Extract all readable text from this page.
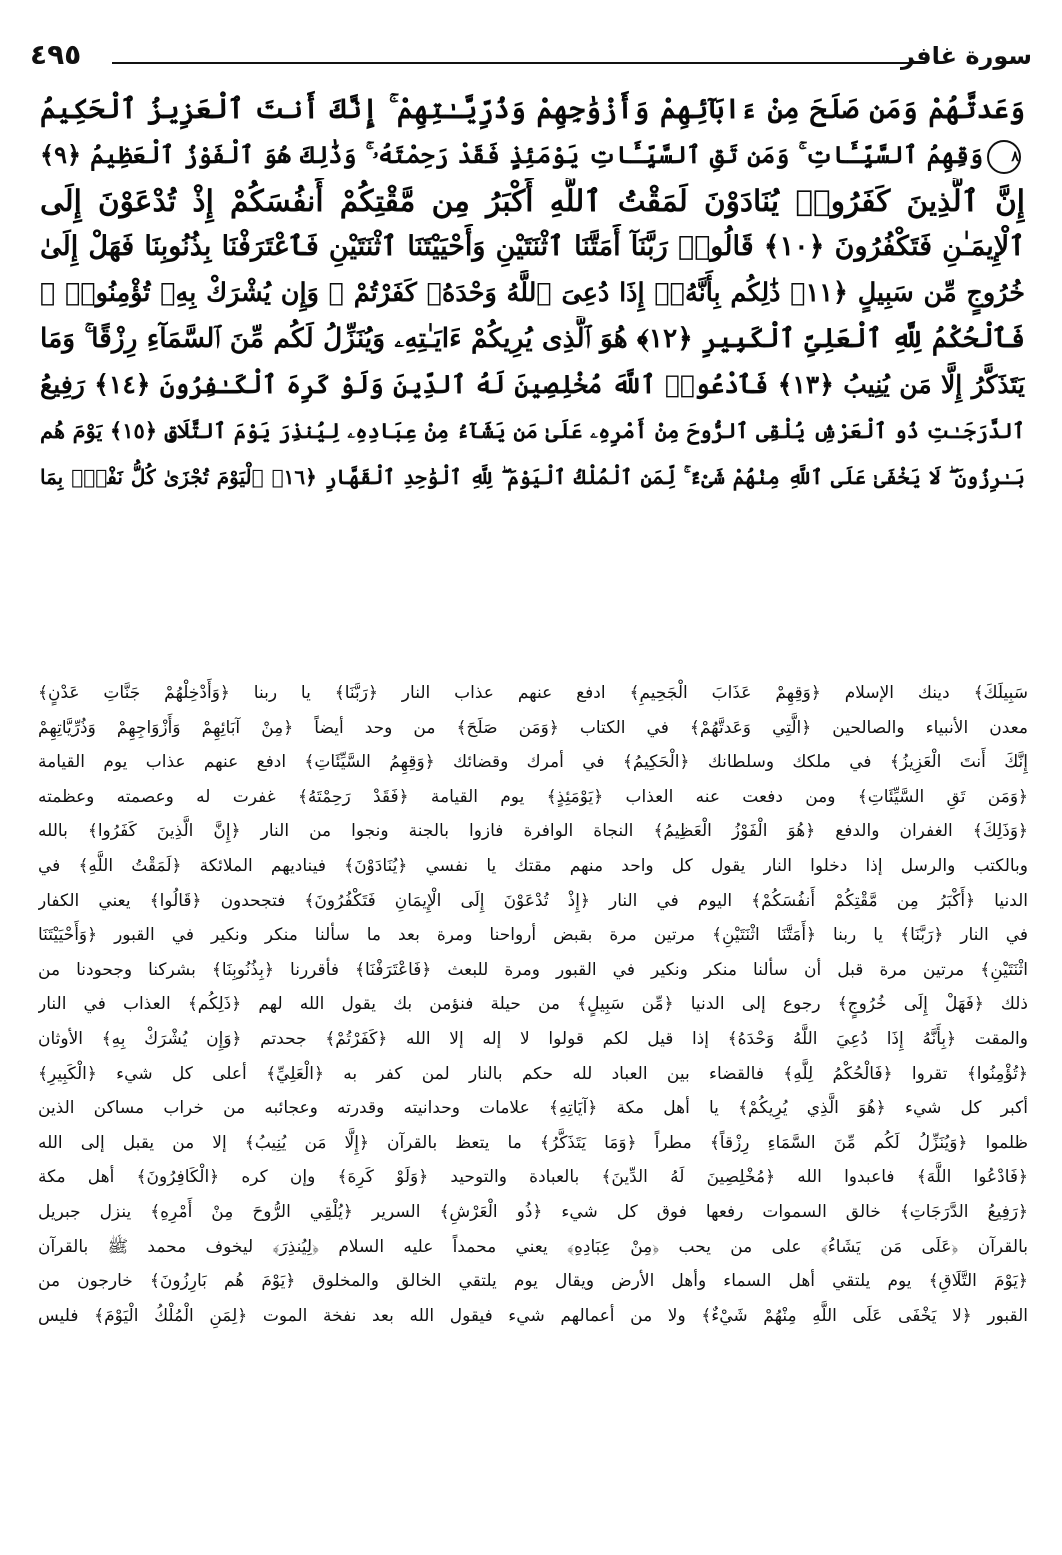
سورة غافر
٤٩٥
وَعَدتَّهُمْ وَمَن صَلَحَ مِنْ ءَابَآئِهِمْ وَأَزْوَٰجِهِمْ وَذُرِّيَّـٰتِهِمْ ۚ إِنَّكَ أَنتَ ٱلْعَزِيزُ ٱلْحَكِيمُ
٨وَقِهِمُ ٱلسَّيِّـَٔاتِ ۚ وَمَن تَقِ ٱلسَّيِّـَٔاتِ يَوْمَئِذٍ فَقَدْ رَحِمْتَهُۥ ۚ وَذَٰلِكَ هُوَ ٱلْفَوْزُ ٱلْعَظِيمُ ﴿٩﴾
إِنَّ ٱلَّذِينَ كَفَرُوا۟ يُنَادَوْنَ لَمَقْتُ ٱللَّهِ أَكْبَرُ مِن مَّقْتِكُمْ أَنفُسَكُمْ إِذْ تُدْعَوْنَ إِلَى
ٱلْإِيمَـٰنِ فَتَكْفُرُونَ ﴿١٠﴾ قَالُوا۟ رَبَّنَآ أَمَتَّنَا ٱثْنَتَيْنِ وَأَحْيَيْتَنَا ٱثْنَتَيْنِ فَٱعْتَرَفْنَا بِذُنُوبِنَا فَهَلْ إِلَىٰ
خُرُوجٍ مِّن سَبِيلٍ ﴿١١﴾ ذَٰلِكُم بِأَنَّهُۥٓ إِذَا دُعِىَ ٱللَّهُ وَحْدَهُۥ كَفَرْتُمْ ۖ وَإِن يُشْرَكْ بِهِۦ تُؤْمِنُوا۟ ۚ
فَٱلْحُكْمُ لِلَّهِ ٱلْعَلِىِّ ٱلْكَبِيرِ ﴿١٢﴾ هُوَ ٱلَّذِى يُرِيكُمْ ءَايَـٰتِهِۦ وَيُنَزِّلُ لَكُم مِّنَ ٱلسَّمَآءِ رِزْقًا ۚ وَمَا
يَتَذَكَّرُ إِلَّا مَن يُنِيبُ ﴿١٣﴾ فَٱدْعُوا۟ ٱللَّهَ مُخْلِصِينَ لَهُ ٱلدِّينَ وَلَوْ كَرِهَ ٱلْكَـٰفِرُونَ ﴿١٤﴾ رَفِيعُ
ٱلدَّرَجَـٰتِ ذُو ٱلْعَرْشِ يُلْقِى ٱلرُّوحَ مِنْ أَمْرِهِۦ عَلَىٰ مَن يَشَآءُ مِنْ عِبَادِهِۦ لِيُنذِرَ يَوْمَ ٱلتَّلَاقِ ﴿١٥﴾ يَوْمَ هُم
بَـٰرِزُونَ ۖ لَا يَخْفَىٰ عَلَى ٱللَّهِ مِنْهُمْ شَىْءٌ ۚ لِّمَنِ ٱلْمُلْكُ ٱلْيَوْمَ ۖ لِلَّهِ ٱلْوَٰحِدِ ٱلْقَهَّارِ ﴿١٦﴾ ٱلْيَوْمَ تُجْزَىٰ كُلُّ نَفْسٍۭ بِمَا
سَبِيلَكَ﴾ دينك الإسلام ﴿وَقِهِمْ عَذَابَ الْجَحِيمِ﴾ ادفع عنهم عذاب النار ﴿رَبَّنَا﴾ يا ربنا ﴿وَأَدْخِلْهُمْ جَنَّاتِ عَدْنٍ﴾
معدن الأنبياء والصالحين ﴿الَّتِي وَعَدتَّهُمْ﴾ في الكتاب ﴿وَمَن صَلَحَ﴾ من وحد أيضاً ﴿مِنْ آبَائِهِمْ وَأَزْوَاجِهِمْ وَذُرِّيَّاتِهِمْ
إِنَّكَ أَنتَ الْعَزِيزُ﴾ في ملكك وسلطانك ﴿الْحَكِيمُ﴾ في أمرك وقضائك ﴿وَقِهِمُ السَّيِّئَاتِ﴾ ادفع عنهم عذاب يوم القيامة
﴿وَمَن تَقِ السَّيِّئَاتِ﴾ ومن دفعت عنه العذاب ﴿يَوْمَئِذٍ﴾ يوم القيامة ﴿فَقَدْ رَحِمْتَهُ﴾ غفرت له وعصمته وعظمته
﴿وَذَلِكَ﴾ الغفران والدفع ﴿هُوَ الْفَوْزُ الْعَظِيمُ﴾ النجاة الوافرة فازوا بالجنة ونجوا من النار ﴿إِنَّ الَّذِينَ كَفَرُوا﴾ بالله
وبالكتب والرسل إذا دخلوا النار يقول كل واحد منهم مقتك يا نفسي ﴿يُنَادَوْنَ﴾ فيناديهم الملائكة ﴿لَمَقْتُ اللَّهِ﴾ في
الدنيا ﴿أَكْبَرُ مِن مَّقْتِكُمْ أَنفُسَكُمْ﴾ اليوم في النار ﴿إِذْ تُدْعَوْنَ إِلَى الْإِيمَانِ فَتَكْفُرُونَ﴾ فتجحدون ﴿قَالُوا﴾ يعني الكفار
في النار ﴿رَبَّنَا﴾ يا ربنا ﴿أَمَتَّنَا اثْنَتَيْنِ﴾ مرتين مرة بقبض أرواحنا ومرة بعد ما سألنا منكر ونكير في القبور ﴿وَأَحْيَيْتَنَا
اثْنَتَيْنِ﴾ مرتين مرة قبل أن سألنا منكر ونكير في القبور ومرة للبعث ﴿فَاعْتَرَفْنَا﴾ فأقررنا ﴿بِذُنُوبِنَا﴾ بشركنا وجحودنا من
ذلك ﴿فَهَلْ إِلَى خُرُوجٍ﴾ رجوع إلى الدنيا ﴿مِّن سَبِيلٍ﴾ من حيلة فنؤمن بك يقول الله لهم ﴿ذَلِكُم﴾ العذاب في النار
والمقت ﴿بِأَنَّهُ إِذَا دُعِيَ اللَّهُ وَحْدَهُ﴾ إذا قيل لكم قولوا لا إله إلا الله ﴿كَفَرْتُمْ﴾ جحدتم ﴿وَإِن يُشْرَكْ بِهِ﴾ الأوثان
﴿تُؤْمِنُوا﴾ تقروا ﴿فَالْحُكْمُ لِلَّهِ﴾ فالقضاء بين العباد لله حكم بالنار لمن كفر به ﴿الْعَلِيِّ﴾ أعلى كل شيء ﴿الْكَبِيرِ﴾
أكبر كل شيء ﴿هُوَ الَّذِي يُرِيكُمْ﴾ يا أهل مكة ﴿آيَاتِهِ﴾ علامات وحدانيته وقدرته وعجائبه من خراب مساكن الذين
ظلموا ﴿وَيُنَزِّلُ لَكُم مِّنَ السَّمَاءِ رِزْقاً﴾ مطراً ﴿وَمَا يَتَذَكَّرُ﴾ ما يتعظ بالقرآن ﴿إِلَّا مَن يُنِيبُ﴾ إلا من يقبل إلى الله
﴿فَادْعُوا اللَّهَ﴾ فاعبدوا الله ﴿مُخْلِصِينَ لَهُ الدِّينَ﴾ بالعبادة والتوحيد ﴿وَلَوْ كَرِهَ﴾ وإن كره ﴿الْكَافِرُونَ﴾ أهل مكة
﴿رَفِيعُ الدَّرَجَاتِ﴾ خالق السموات رفعها فوق كل شيء ﴿ذُو الْعَرْشِ﴾ السرير ﴿يُلْقِي الرُّوحَ مِنْ أَمْرِهِ﴾ ينزل جبريل
بالقرآن ﴿عَلَى مَن يَشَاءُ﴾ على من يحب ﴿مِنْ عِبَادِهِ﴾ يعني محمداً عليه السلام ﴿لِيُنذِرَ﴾ ليخوف محمد ﷺ بالقرآن
﴿يَوْمَ التَّلَاقِ﴾ يوم يلتقي أهل السماء وأهل الأرض ويقال يوم يلتقي الخالق والمخلوق ﴿يَوْمَ هُم بَارِزُونَ﴾ خارجون من
القبور ﴿لا يَخْفَى عَلَى اللَّهِ مِنْهُمْ شَيْءٌ﴾ ولا من أعمالهم شيء فيقول الله بعد نفخة الموت ﴿لِمَنِ الْمُلْكُ الْيَوْمَ﴾ فليس
